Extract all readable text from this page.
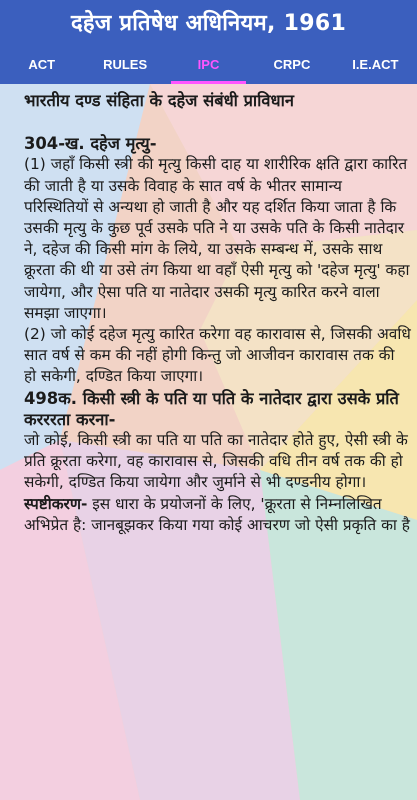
दहेज प्रतिषेध अधिनियम, 1961
ACT	RULES	IPC	CRPC	I.E.ACT

भारतीय दण्ड संहिता के दहेज संबंधी प्राविधान

304-ख. दहेज मृत्यु-

(1) जहाँ किसी स्त्री की मृत्यु किसी दाह या शारीरिक क्षति द्वारा कारित की जाती है या उसके विवाह के सात वर्ष के भीतर सामान्य परिस्थितियों से अन्यथा हो जाती है और यह दर्शित किया जाता है कि उसकी मृत्यु के कुछ पूर्व उसके पति ने या उसके पति के किसी नातेदार ने, दहेज की किसी मांग के लिये, या उसके सम्बन्ध में, उसके साथ क्रूरता की थी या उसे तंग किया था वहाँ ऐसी मृत्यु को 'दहेज मृत्यु' कहा जायेगा, और ऐसा पति या नातेदार उसकी मृत्यु कारित करने वाला समझा जाएगा।

(2) जो कोई दहेज मृत्यु कारित करेगा वह कारावास से, जिसकी अवधि सात वर्ष से कम की नहीं होगी किन्तु जो आजीवन कारावास तक की हो सकेगी, दण्डित किया जाएगा।

498क. किसी स्त्री के पति या पति के नातेदार द्वारा उसके प्रति करररता करना-

जो कोई, किसी स्त्री का पति या पति का नातेदार होते हुए, ऐसी स्त्री के प्रति क्रूरता करेगा, वह कारावास से, जिसकी वधि तीन वर्ष तक की हो सकेगी, दण्डित किया जायेगा और जुर्माने से भी दण्डनीय होगा।

स्पष्टीकरण- इस धारा के प्रयोजनों के लिए, 'क्रूरता से निम्नलिखित अभिप्रेत है: जानबूझकर किया गया कोई आचरण जो ऐसी प्रकृति का है
